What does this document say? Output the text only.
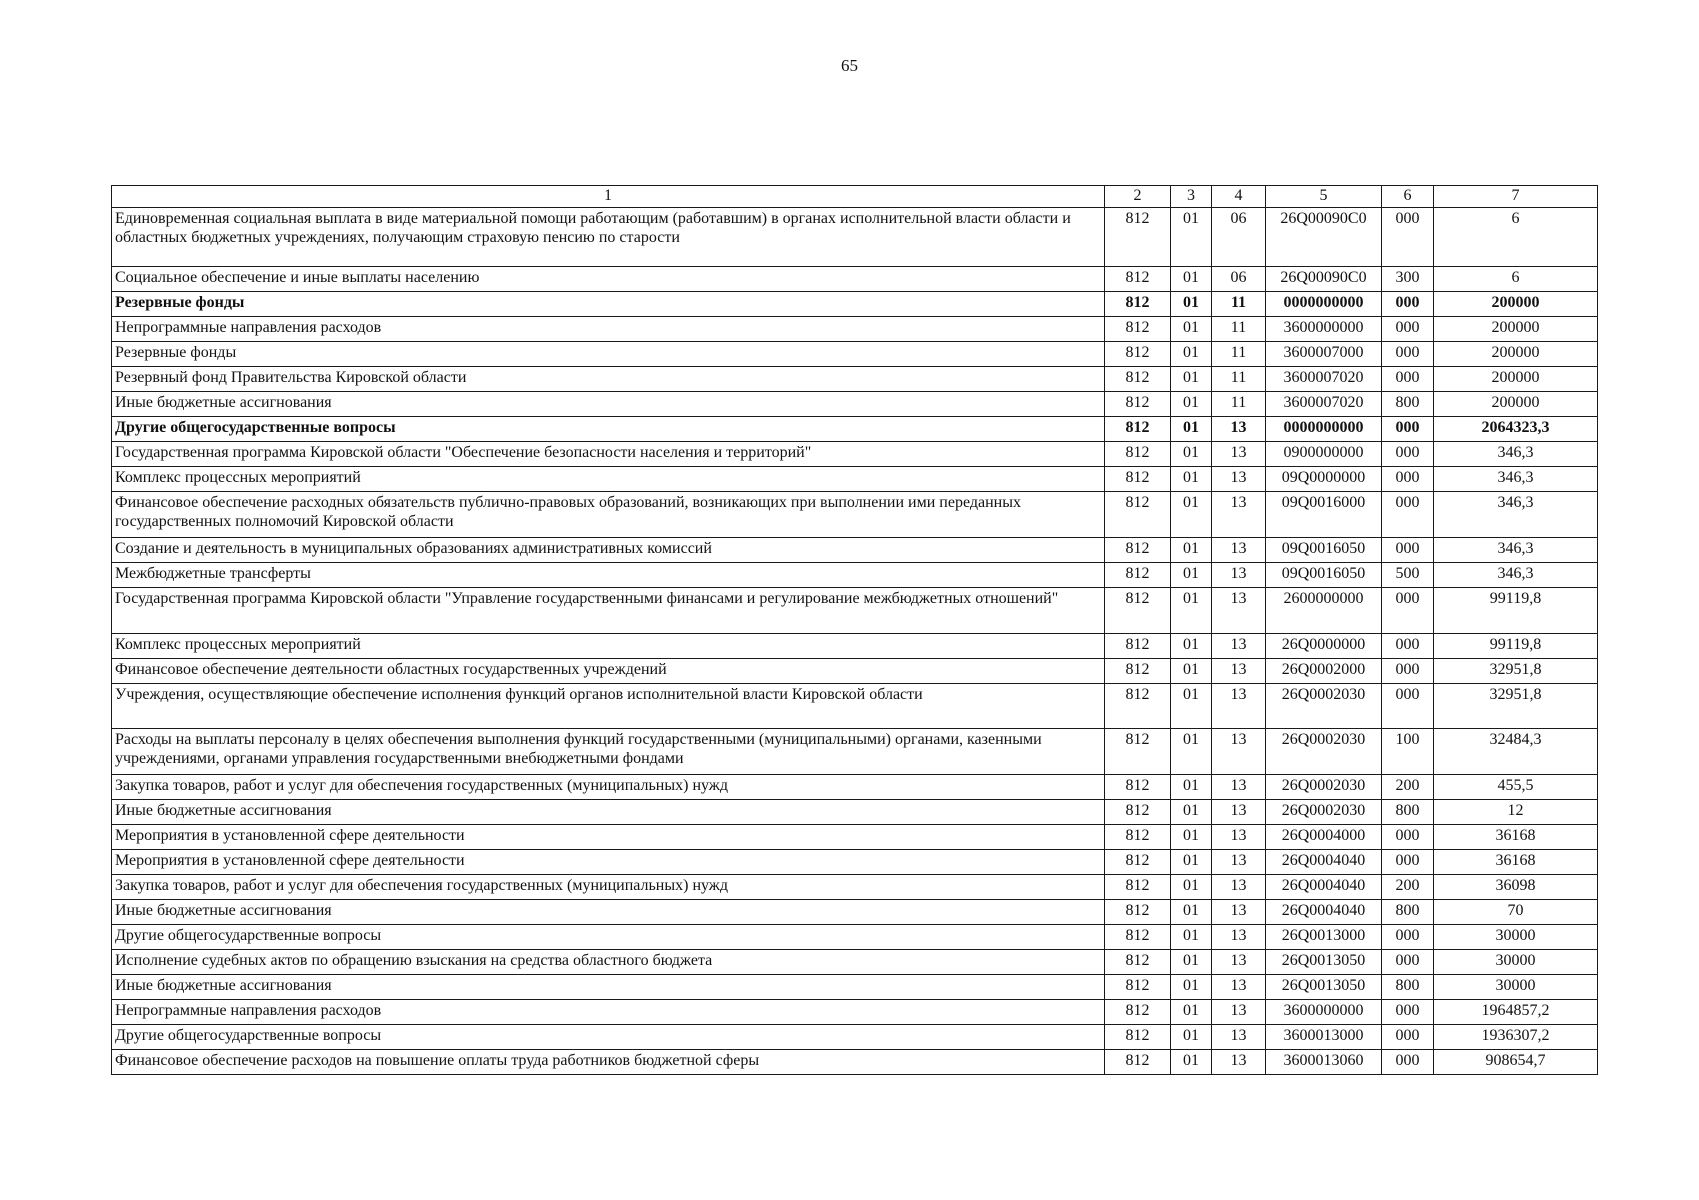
65
1	2	3	4	5	6	7
Единовременная социальная выплата в виде материальной помощи работающим (работавшим) в органах исполнительной власти области и областных бюджетных учреждениях, получающим страховую пенсию по старости	812	01	06	26Q00090C0	000	6
Социальное обеспечение и иные выплаты населению	812	01	06	26Q00090C0	300	6
Резервные фонды	812	01	11	0000000000	000	200000
Непрограммные направления расходов	812	01	11	3600000000	000	200000
Резервные фонды	812	01	11	3600007000	000	200000
Резервный фонд Правительства Кировской области	812	01	11	3600007020	000	200000
Иные бюджетные ассигнования	812	01	11	3600007020	800	200000
Другие общегосударственные вопросы	812	01	13	0000000000	000	2064323,3
Государственная программа Кировской области "Обеспечение безопасности населения и территорий"	812	01	13	0900000000	000	346,3
Комплекс процессных мероприятий	812	01	13	09Q0000000	000	346,3
Финансовое обеспечение расходных обязательств публично-правовых образований, возникающих при выполнении ими переданных государственных полномочий Кировской области	812	01	13	09Q0016000	000	346,3
Создание и деятельность в муниципальных образованиях административных комиссий	812	01	13	09Q0016050	000	346,3
Межбюджетные трансферты	812	01	13	09Q0016050	500	346,3
Государственная программа Кировской области "Управление государственными финансами и регулирование межбюджетных отношений"	812	01	13	2600000000	000	99119,8
Комплекс процессных мероприятий	812	01	13	26Q0000000	000	99119,8
Финансовое обеспечение деятельности областных государственных учреждений	812	01	13	26Q0002000	000	32951,8
Учреждения, осуществляющие обеспечение исполнения функций органов исполнительной власти Кировской области	812	01	13	26Q0002030	000	32951,8
Расходы на выплаты персоналу в целях обеспечения выполнения функций государственными (муниципальными) органами, казенными учреждениями, органами управления государственными внебюджетными фондами	812	01	13	26Q0002030	100	32484,3
Закупка товаров, работ и услуг для обеспечения государственных (муниципальных) нужд	812	01	13	26Q0002030	200	455,5
Иные бюджетные ассигнования	812	01	13	26Q0002030	800	12
Мероприятия в установленной сфере деятельности	812	01	13	26Q0004000	000	36168
Мероприятия в установленной сфере деятельности	812	01	13	26Q0004040	000	36168
Закупка товаров, работ и услуг для обеспечения государственных (муниципальных) нужд	812	01	13	26Q0004040	200	36098
Иные бюджетные ассигнования	812	01	13	26Q0004040	800	70
Другие общегосударственные вопросы	812	01	13	26Q0013000	000	30000
Исполнение судебных актов по обращению взыскания на средства областного бюджета	812	01	13	26Q0013050	000	30000
Иные бюджетные ассигнования	812	01	13	26Q0013050	800	30000
Непрограммные направления расходов	812	01	13	3600000000	000	1964857,2
Другие общегосударственные вопросы	812	01	13	3600013000	000	1936307,2
Финансовое обеспечение расходов на повышение оплаты труда работников бюджетной сферы	812	01	13	3600013060	000	908654,7
